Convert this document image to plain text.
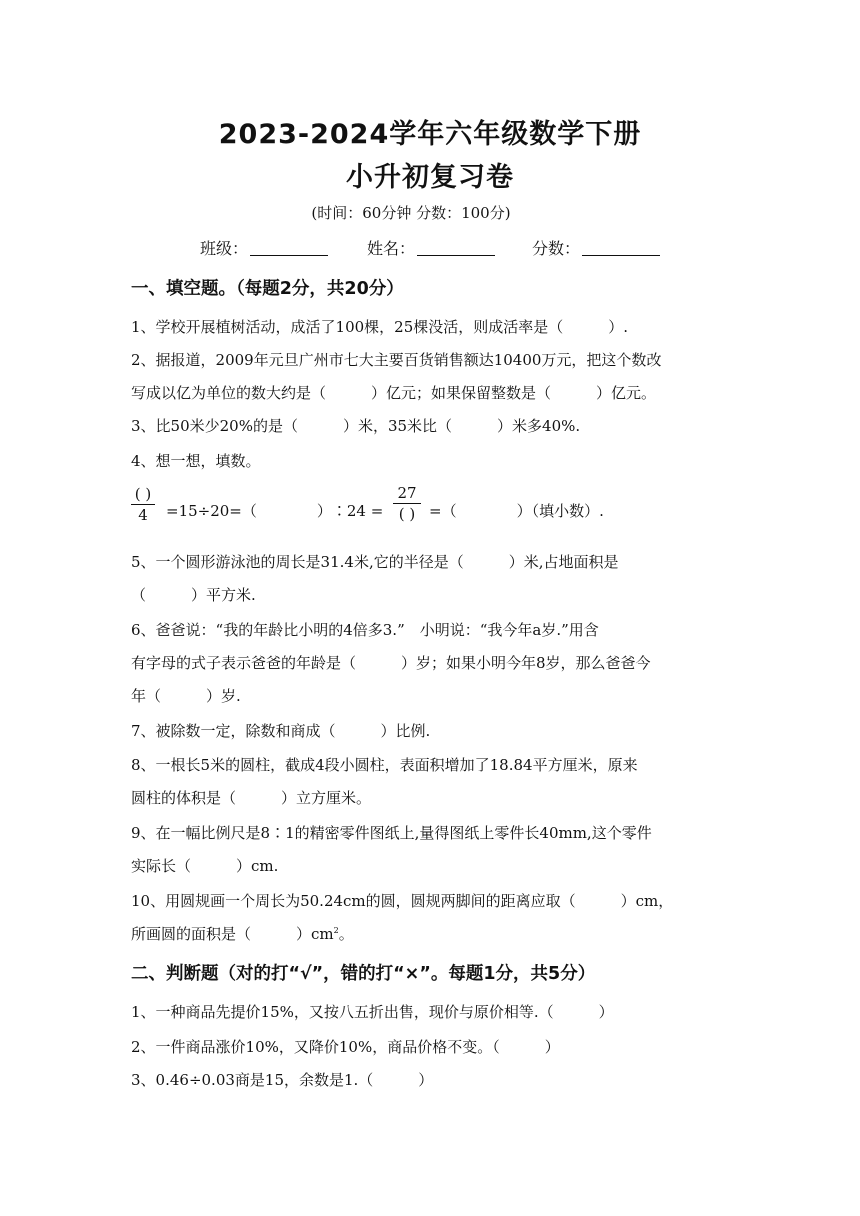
2023-2024学年六年级数学下册
小升初复习卷
(时间：60分钟 分数：100分)
班级：	姓名：	分数：
一、填空题。（每题2分，共20分）
1、学校开展植树活动，成活了100棵，25棵没活，则成活率是（　　　）.
2、据报道，2009年元旦广州市七大主要百货销售额达10400万元，把这个数改
写成以亿为单位的数大约是（　　　）亿元；如果保留整数是（　　　）亿元。
3、比50米少20%的是（　　　）米，35米比（　　　）米多40%.
4、想一想，填数。
( )
4	=15÷20=（　　　　）∶24 =
27
( ) =（　　　　）（填小数）.
5、一个圆形游泳池的周长是31.4米,它的半径是（　　　）米,占地面积是
（　　　）平方米.
6、爸爸说：“我的年龄比小明的4倍多3.”　小明说：“我今年a岁.”用含
有字母的式子表示爸爸的年龄是（　　　）岁；如果小明今年8岁，那么爸爸今
年（　　　）岁.
7、被除数一定，除数和商成（　　　）比例.
8、一根长5米的圆柱，截成4段小圆柱，表面积增加了18.84平方厘米，原来
圆柱的体积是（　　　）立方厘米。
9、在一幅比例尺是8∶1的精密零件图纸上,量得图纸上零件长40mm,这个零件
实际长（　　　）cm.
10、用圆规画一个周长为50.24cm的圆，圆规两脚间的距离应取（　　　）cm，
所画圆的面积是（　　　）$cm^2$。
二、判断题（对的打“√”，错的打“×”。每题1分，共5分）
1、一种商品先提价15%，又按八五折出售，现价与原价相等.（　　　）
2、一件商品涨价10%，又降价10%，商品价格不变。（　　　）
3、0.46÷0.03商是15，余数是1.（　　　）
